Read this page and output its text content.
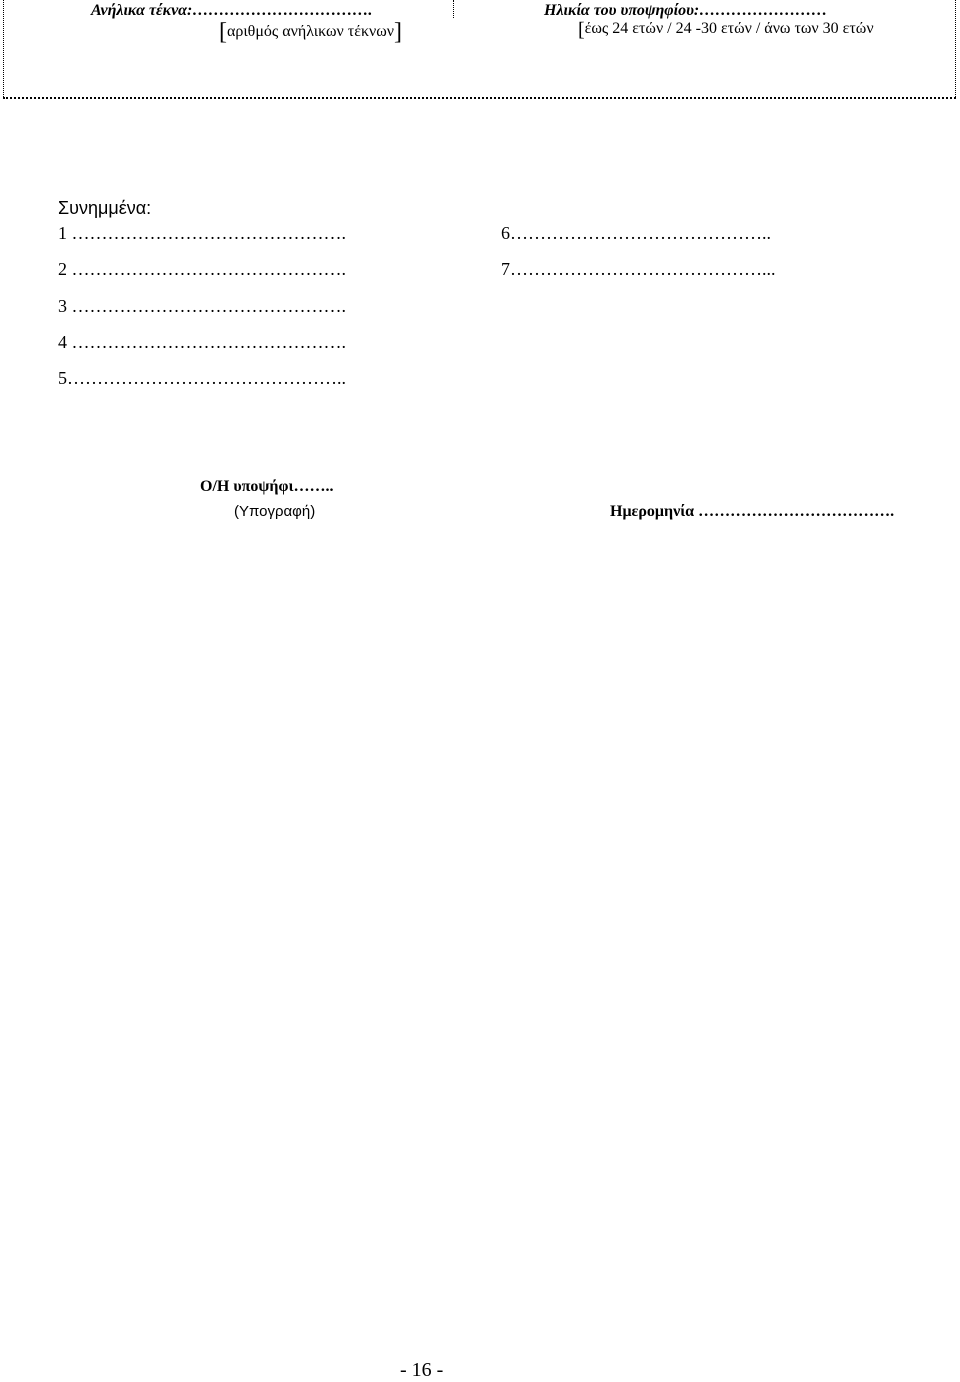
Ανήλικα τέκνα:…………………………….
[αριθμός ανήλικων τέκνων]
Ηλικία του υποψηφίου:……………………
[έως 24 ετών / 24 -30 ετών / άνω των 30 ετών
Συνημμένα:
1 ……………………………………….
2 ……………………………………….
3 ……………………………………….
4 ……………………………………….
5………………………………………..
6……………………………………..
7……………………………………...
Ο/Η υποψήφι……..
(Υπογραφή)	Ημερομηνία ……………………………….
- 16 -
